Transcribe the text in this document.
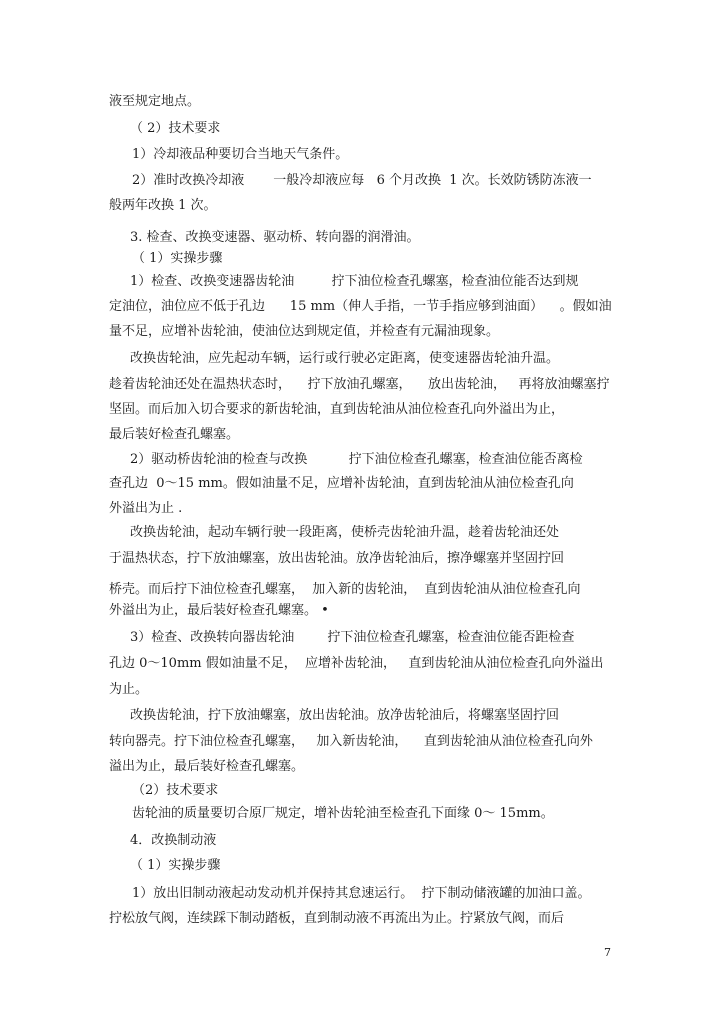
液至规定地点。
（ 2）技术要求
1）冷却液品种要切合当地天气条件。
2）准时改换冷却液       一般冷却液应每   6 个月改换  1 次。长效防锈防冻液一
般两年改换 1 次。
3. 检查、改换变速器、驱动桥、转向器的润滑油。
（ 1）实操步骤
1）检查、改换变速器齿轮油         拧下油位检查孔螺塞，检查油位能否达到规
定油位，油位应不低于孔边      15 mm（伸人手指，一节手指应够到油面）    。假如油
量不足，应增补齿轮油，使油位达到规定值，并检查有元漏油现象。
改换齿轮油，应先起动车辆，运行或行驶必定距离，使变速器齿轮油升温。
趁着齿轮油还处在温热状态时，    拧下放油孔螺塞，    放出齿轮油，   再将放油螺塞拧
坚固。而后加入切合要求的新齿轮油，直到齿轮油从油位检查孔向外溢出为止，
最后装好检查孔螺塞。
2）驱动桥齿轮油的检查与改换          拧下油位检查孔螺塞，检查油位能否离检
查孔边  0～15 mm。假如油量不足，应增补齿轮油，直到齿轮油从油位检查孔向
外溢出为止 .
改换齿轮油，起动车辆行驶一段距离，使桥壳齿轮油升温，趁着齿轮油还处
于温热状态，拧下放油螺塞，放出齿轮油。放净齿轮油后，擦净螺塞并坚固拧回
桥壳。而后拧下油位检查孔螺塞，  加入新的齿轮油，  直到齿轮油从油位检查孔向
外溢出为止，最后装好检查孔螺塞。 •
3）检查、改换转向器齿轮油        拧下油位检查孔螺塞，检查油位能否距检查
孔边 0～10mm 假如油量不足，  应增补齿轮油，   直到齿轮油从油位检查孔向外溢出
为止。
改换齿轮油，拧下放油螺塞，放出齿轮油。放净齿轮油后，将螺塞坚固拧回
转向器壳。拧下油位检查孔螺塞，   加入新齿轮油，    直到齿轮油从油位检查孔向外
溢出为止，最后装好检查孔螺塞。
（2）技术要求
齿轮油的质量要切合原厂规定，增补齿轮油至检查孔下面缘 0～ 15mm。
4．改换制动液
（ 1）实操步骤
1）放出旧制动液起动发动机并保持其怠速运行。  拧下制动储液罐的加油口盖。
拧松放气阀，连续踩下制动踏板，直到制动液不再流出为止。拧紧放气阀，而后
7
